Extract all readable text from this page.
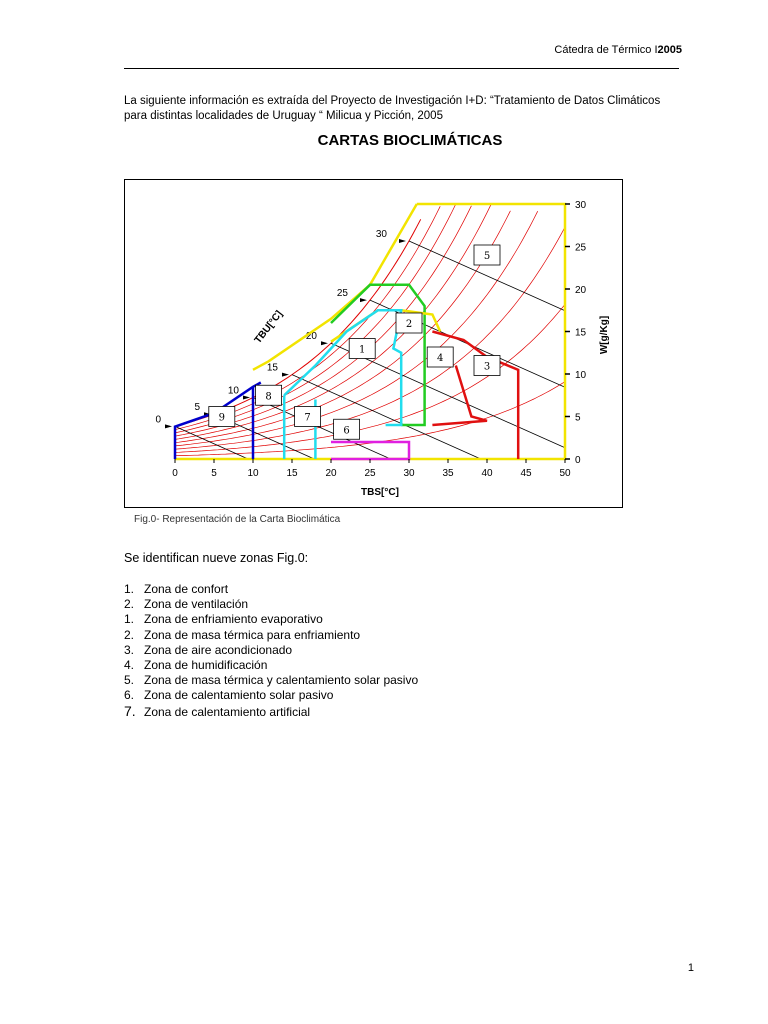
Cátedra de Térmico I2005
La siguiente información es extraída del Proyecto de Investigación I+D: “Tratamiento de Datos Climáticos para distintas localidades de Uruguay “ Milicua y Picción, 2005
CARTAS BIOCLIMÁTICAS
0
5
10
15
20
25
30
TBU[°C]
0	5	10	15	20	25	30	35	40	45	50
0
5
10
15
20
25
30
TBS[°C]
W[g/Kg]
1
2
3
4
5
6
7
8
9
Fig.0- Representación de la Carta Bioclimática
Se identifican nueve zonas Fig.0:
1. Zona de confort
2. Zona de ventilación
1. Zona de enfriamiento evaporativo
2. Zona de masa térmica para enfriamiento
3. Zona de aire acondicionado
4. Zona de humidificación
5. Zona de masa térmica y calentamiento solar pasivo
6. Zona de calentamiento solar pasivo
7. Zona de calentamiento artificial
1
